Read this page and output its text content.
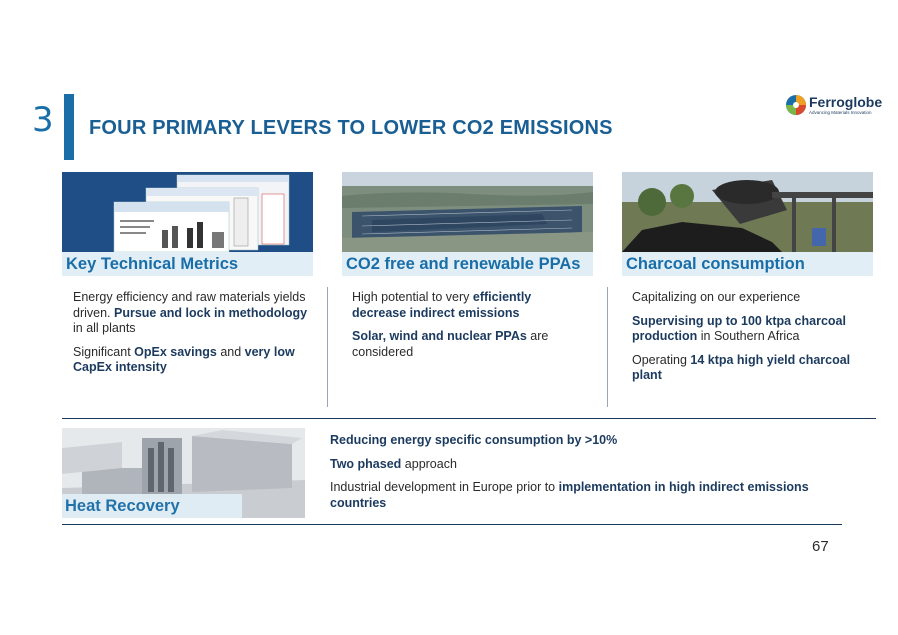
3 FOUR PRIMARY LEVERS TO LOWER CO2 EMISSIONS
Ferroglobe
Advancing Materials Innovation
Key Technical Metrics	CO2 free and renewable PPAs	Charcoal consumption

Energy efficiency and raw materials yields driven. Pursue and lock in methodology in all plants

Significant OpEx savings and very low CapEx intensity

High potential to very efficiently decrease indirect emissions

Solar, wind and nuclear PPAs are considered

Capitalizing on our experience

Supervising up to 100 ktpa charcoal production in Southern Africa

Operating 14 ktpa high yield charcoal plant

Heat Recovery

Reducing energy specific consumption by >10%

Two phased approach

Industrial development in Europe prior to implementation in high indirect emissions countries

67
